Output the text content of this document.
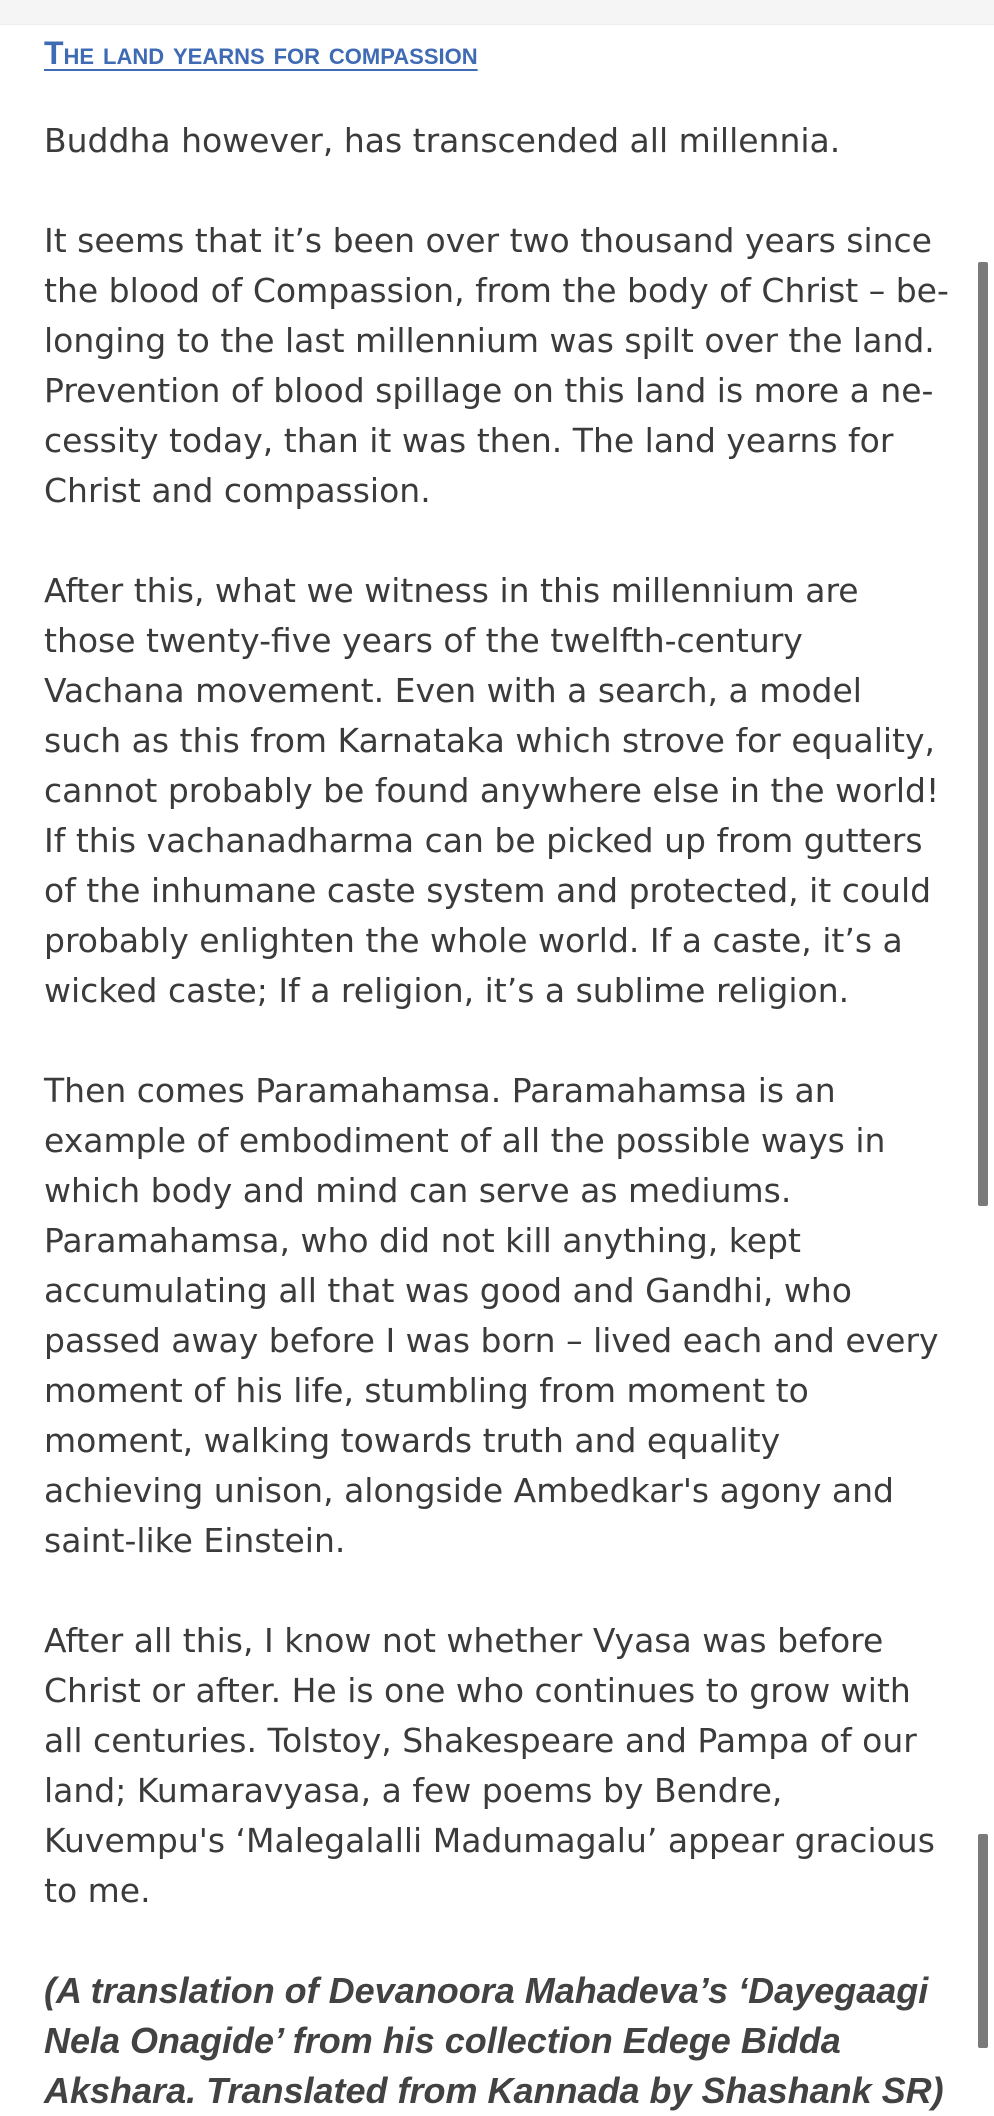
The land yearns for compassion

Buddha however, has transcended all millennia.

It seems that it’s been over two thousand years since the blood of Compassion, from the body of Christ – belonging to the last millennium was spilt over the land. Prevention of blood spillage on this land is more a necessity today, than it was then. The land yearns for Christ and compassion.

After this, what we witness in this millennium are those twenty-five years of the twelfth-century Vachana movement. Even with a search, a model such as this from Karnataka which strove for equality, cannot probably be found anywhere else in the world! If this vachanadharma can be picked up from gutters of the inhumane caste system and protected, it could probably enlighten the whole world. If a caste, it’s a wicked caste; If a religion, it’s a sublime religion.

Then comes Paramahamsa. Paramahamsa is an example of embodiment of all the possible ways in which body and mind can serve as mediums. Paramahamsa, who did not kill anything, kept accumulating all that was good and Gandhi, who passed away before I was born – lived each and every moment of his life, stumbling from moment to moment, walking towards truth and equality achieving unison, alongside Ambedkar's agony and saint-like Einstein.

After all this, I know not whether Vyasa was before Christ or after. He is one who continues to grow with all centuries. Tolstoy, Shakespeare and Pampa of our land; Kumaravyasa, a few poems by Bendre, Kuvempu's ‘Malegalalli Madumagalu’ appear gracious to me.

(A translation of Devanoora Mahadeva’s ‘Dayegaagi Nela Onagide’ from his collection Edege Bidda Akshara. Translated from Kannada by Shashank SR)
